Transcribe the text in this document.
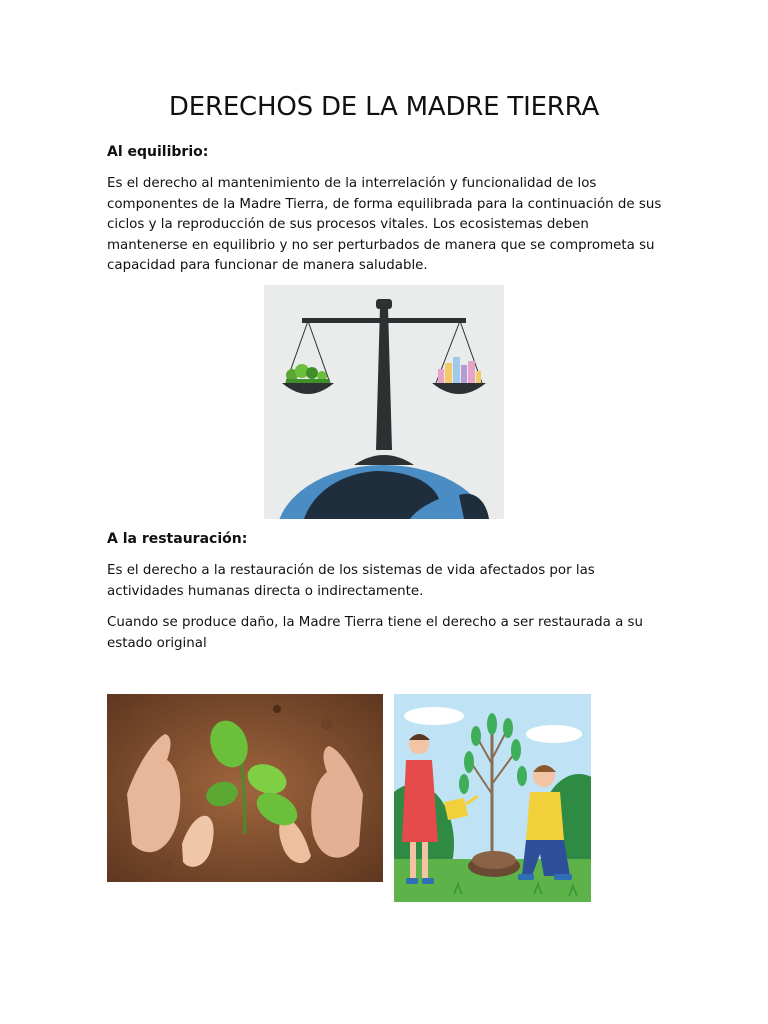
DERECHOS DE LA MADRE TIERRA
Al equilibrio:
Es el derecho al mantenimiento de la interrelación y funcionalidad de los componentes de la Madre Tierra, de forma equilibrada para la continuación de sus ciclos y la reproducción de sus procesos vitales. Los ecosistemas deben mantenerse en equilibrio y no ser perturbados de manera que se comprometa su capacidad para funcionar de manera saludable.
A la restauración:
Es el derecho a la restauración de los sistemas de vida afectados por las actividades humanas directa o indirectamente.
Cuando se produce daño, la Madre Tierra tiene el derecho a ser restaurada a su estado original
